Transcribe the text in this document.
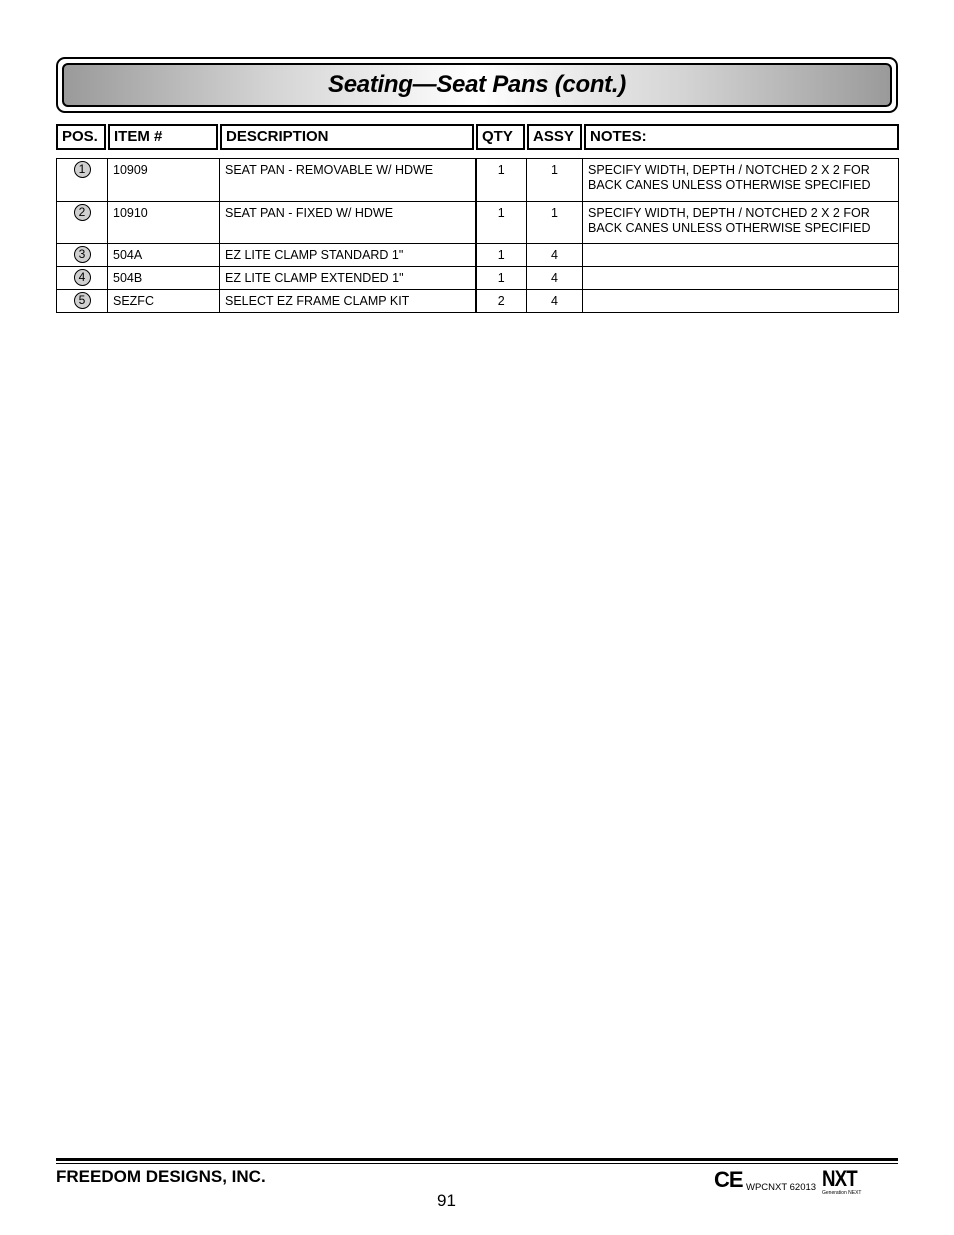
Seating—Seat Pans (cont.)
POS.	ITEM #	DESCRIPTION	QTY	ASSY	NOTES:
1	10909	SEAT PAN - REMOVABLE W/ HDWE	1	1	SPECIFY WIDTH, DEPTH / NOTCHED 2 X 2 FOR
BACK CANES UNLESS OTHERWISE SPECIFIED
2	10910	SEAT PAN - FIXED W/ HDWE	1	1	SPECIFY WIDTH, DEPTH / NOTCHED 2 X 2 FOR
BACK CANES UNLESS OTHERWISE SPECIFIED
3	504A	EZ LITE CLAMP STANDARD 1"	1	4	
4	504B	EZ LITE CLAMP EXTENDED 1"	1	4	
5	SEZFC	SELECT EZ FRAME CLAMP KIT	2	4	
FREEDOM DESIGNS, INC.
91
CE WPCNXT 62013 NXT
Generation NEXT
